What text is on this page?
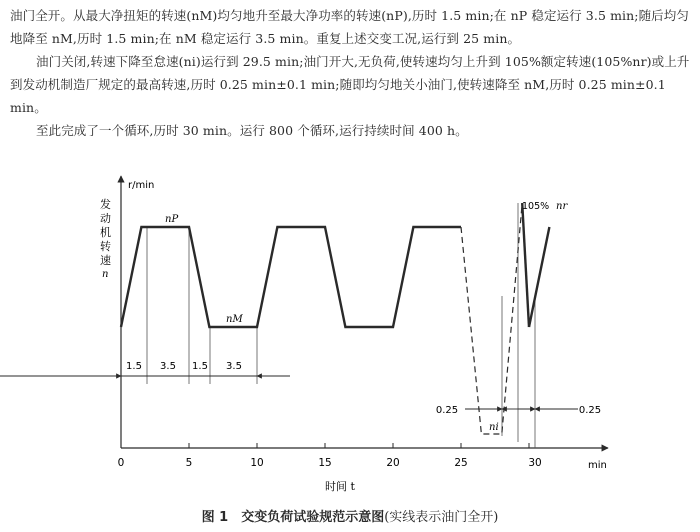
油门全开。从最大净扭矩的转速(nM)均匀地升至最大净功率的转速(nP),历时 1.5 min;在 nP 稳定运行 3.5 min;随后均匀地降至 nM,历时 1.5 min;在 nM 稳定运行 3.5 min。重复上述交变工况,运行到 25 min。

油门关闭,转速下降至怠速(ni)运行到 29.5 min;油门开大,无负荷,使转速均匀上升到 105%额定转速(105%nr)或上升到发动机制造厂规定的最高转速,历时 0.25 min±0.1 min;随即均匀地关小油门,使转速降至 nM,历时 0.25 min±0.1 min。

至此完成了一个循环,历时 30 min。运行 800 个循环,运行持续时间 400 h。

r/min
发
动
机
转
速
n
min
时间 t
0	5	10	15	20	25	30
1.5 3.5 1.5 3.5
0.25	0.25
nP
nM
ni
105% nr
图 1　交变负荷试验规范示意图(实线表示油门全开)
